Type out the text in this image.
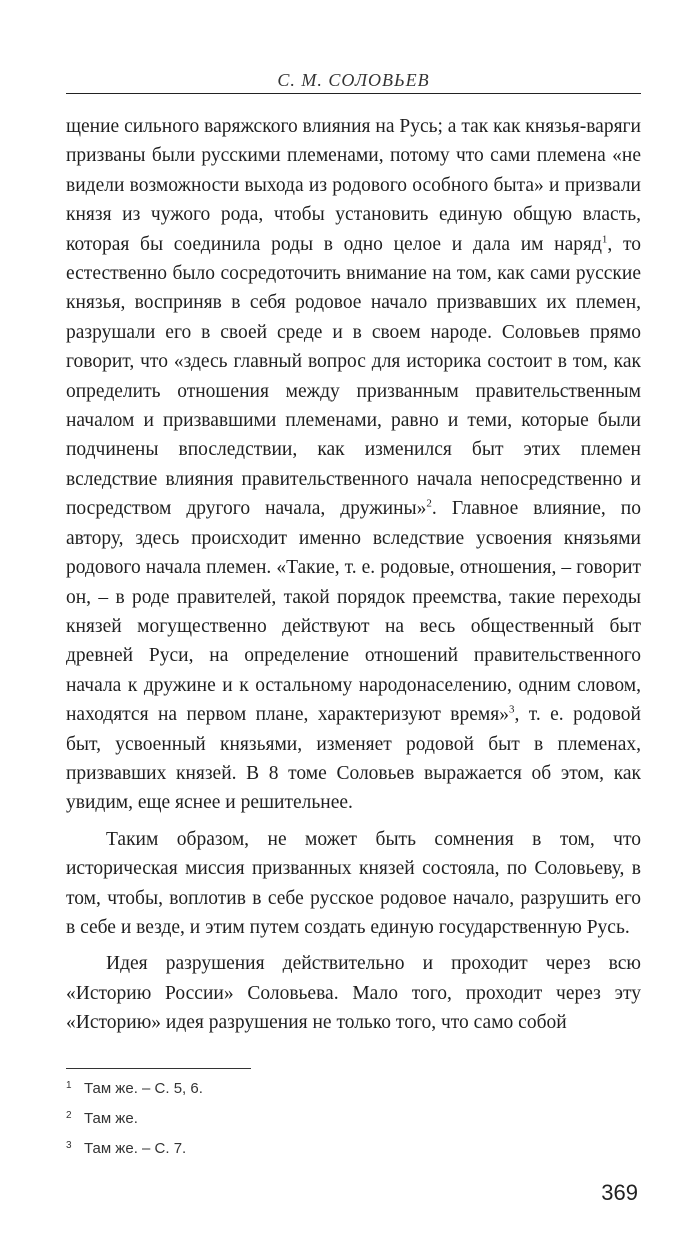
С. М. СОЛОВЬЕВ

щение сильного варяжского влияния на Русь; а так как князья-варяги призваны были русскими племенами, потому что сами племена «не видели возможности выхода из родового особного быта» и призвали князя из чужого рода, чтобы установить единую общую власть, которая бы соединила роды в одно целое и дала им наряд$^1$, то естественно было сосредоточить внимание на том, как сами русские князья, восприняв в себя родовое начало призвавших их племен, разрушали его в своей среде и в своем народе. Соловьев прямо говорит, что «здесь главный вопрос для историка состоит в том, как определить отношения между призванным правительственным началом и призвавшими племенами, равно и теми, которые были подчинены впоследствии, как изменился быт этих племен вследствие влияния правительственного начала непосредственно и посредством другого начала, дружины»$^2$. Главное влияние, по автору, здесь происходит именно вследствие усвоения князьями родового начала племен. «Такие, т. е. родовые, отношения, – говорит он, – в роде правителей, такой порядок преемства, такие переходы князей могущественно действуют на весь общественный быт древней Руси, на определение отношений правительственного начала к дружине и к остальному народонаселению, одним словом, находятся на первом плане, характеризуют время»$^3$, т. е. родовой быт, усвоенный князьями, изменяет родовой быт в племенах, призвавших князей. В 8 томе Соловьев выражается об этом, как увидим, еще яснее и решительнее.

Таким образом, не может быть сомнения в том, что историческая миссия призванных князей состояла, по Соловьеву, в том, чтобы, воплотив в себе русское родовое начало, разрушить его в себе и везде, и этим путем создать единую государственную Русь.

Идея разрушения действительно и проходит через всю «Историю России» Соловьева. Мало того, проходит через эту «Историю» идея разрушения не только того, что само собой

1 Там же. – С. 5, 6.
2 Там же.
3 Там же. – С. 7.
369
